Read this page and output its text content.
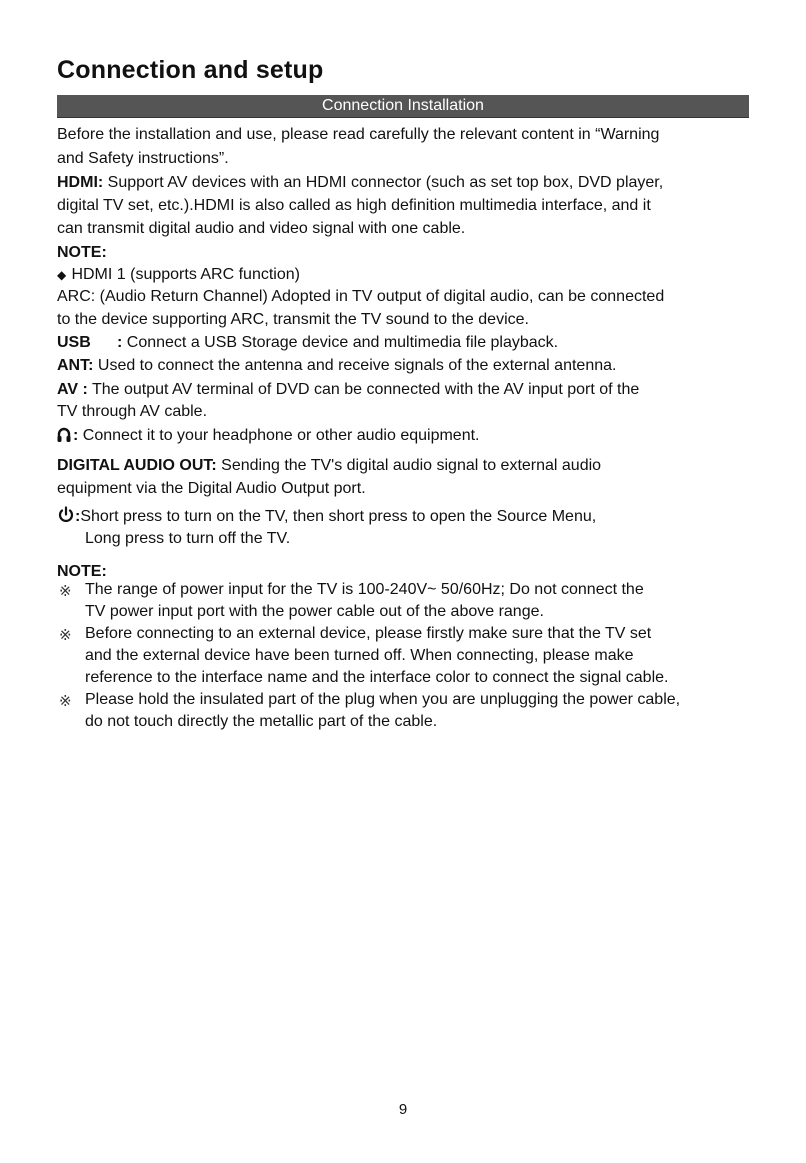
Connection and setup
Connection Installation
Before the installation and use, please read carefully the relevant content in “Warning
and Safety instructions”.
HDMI: Support AV devices with an HDMI connector (such as set top box, DVD player,
digital TV set, etc.).HDMI is also called as high definition multimedia interface, and it
can transmit digital audio and video signal with one cable.
NOTE:
◆ HDMI 1 (supports ARC function)
ARC: (Audio Return Channel) Adopted in TV output of digital audio, can be connected
to the device supporting ARC, transmit the TV sound to the device.
USB : Connect a USB Storage device and multimedia file playback.
ANT: Used to connect the antenna and receive signals of the external antenna.
AV : The output AV terminal of DVD can be connected with the AV input port of the
TV through AV cable.
: Connect it to your headphone or other audio equipment.
DIGITAL AUDIO OUT: Sending the TV's digital audio signal to external audio
equipment via the Digital Audio Output port.
:Short press to turn on the TV, then short press to open the Source Menu,
Long press to turn off the TV.
NOTE:
※ The range of power input for the TV is 100-240V~ 50/60Hz; Do not connect the
TV power input port with the power cable out of the above range.
※ Before connecting to an external device, please firstly make sure that the TV set
and the external device have been turned off. When connecting, please make
reference to the interface name and the interface color to connect the signal cable.
※ Please hold the insulated part of the plug when you are unplugging the power cable,
do not touch directly the metallic part of the cable.
9
